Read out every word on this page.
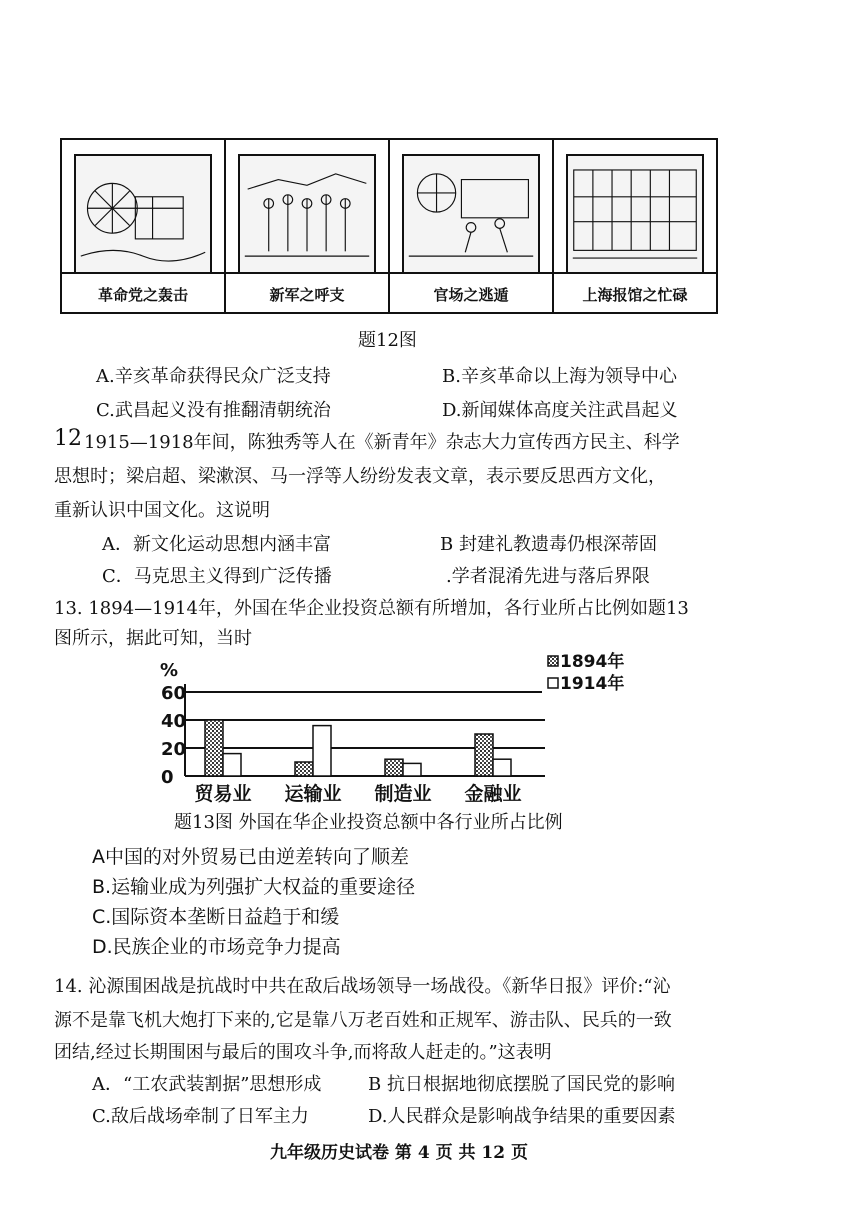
革命党之轰击	新军之呼支	官场之逃遁	上海报馆之忙碌
题12图
A.辛亥革命获得民众广泛支持	B.辛亥革命以上海为领导中心
C.武昌起义没有推翻清朝统治	D.新闻媒体高度关注武昌起义
12 1915—1918年间，陈独秀等人在《新青年》杂志大力宣传西方民主、科学
思想时；梁启超、梁漱溟、马一浮等人纷纷发表文章，表示要反思西方文化，
重新认识中国文化。这说明
A．新文化运动思想内涵丰富	B 封建礼教遗毒仍根深蒂固
C．马克思主义得到广泛传播	.学者混淆先进与落后界限
13. 1894—1914年，外国在华企业投资总额有所增加，各行业所占比例如题13
图所示，据此可知，当时
0
20
40
60
%
贸易业 运输业 制造业 金融业
1894年
1914年
题13图 外国在华企业投资总额中各行业所占比例
A中国的对外贸易已由逆差转向了顺差
B.运输业成为列强扩大权益的重要途径
C.国际资本垄断日益趋于和缓
D.民族企业的市场竞争力提高
14. 沁源围困战是抗战时中共在敌后战场领导一场战役。《新华日报》评价:“沁
源不是靠飞机大炮打下来的,它是靠八万老百姓和正规军、游击队、民兵的一致
团结,经过长期围困与最后的围攻斗争,而将敌人赶走的。”这表明
A．“工农武装割据”思想形成	B 抗日根据地彻底摆脱了国民党的影响
C.敌后战场牵制了日军主力	D.人民群众是影响战争结果的重要因素
九年级历史试卷 第 4 页 共 12 页
